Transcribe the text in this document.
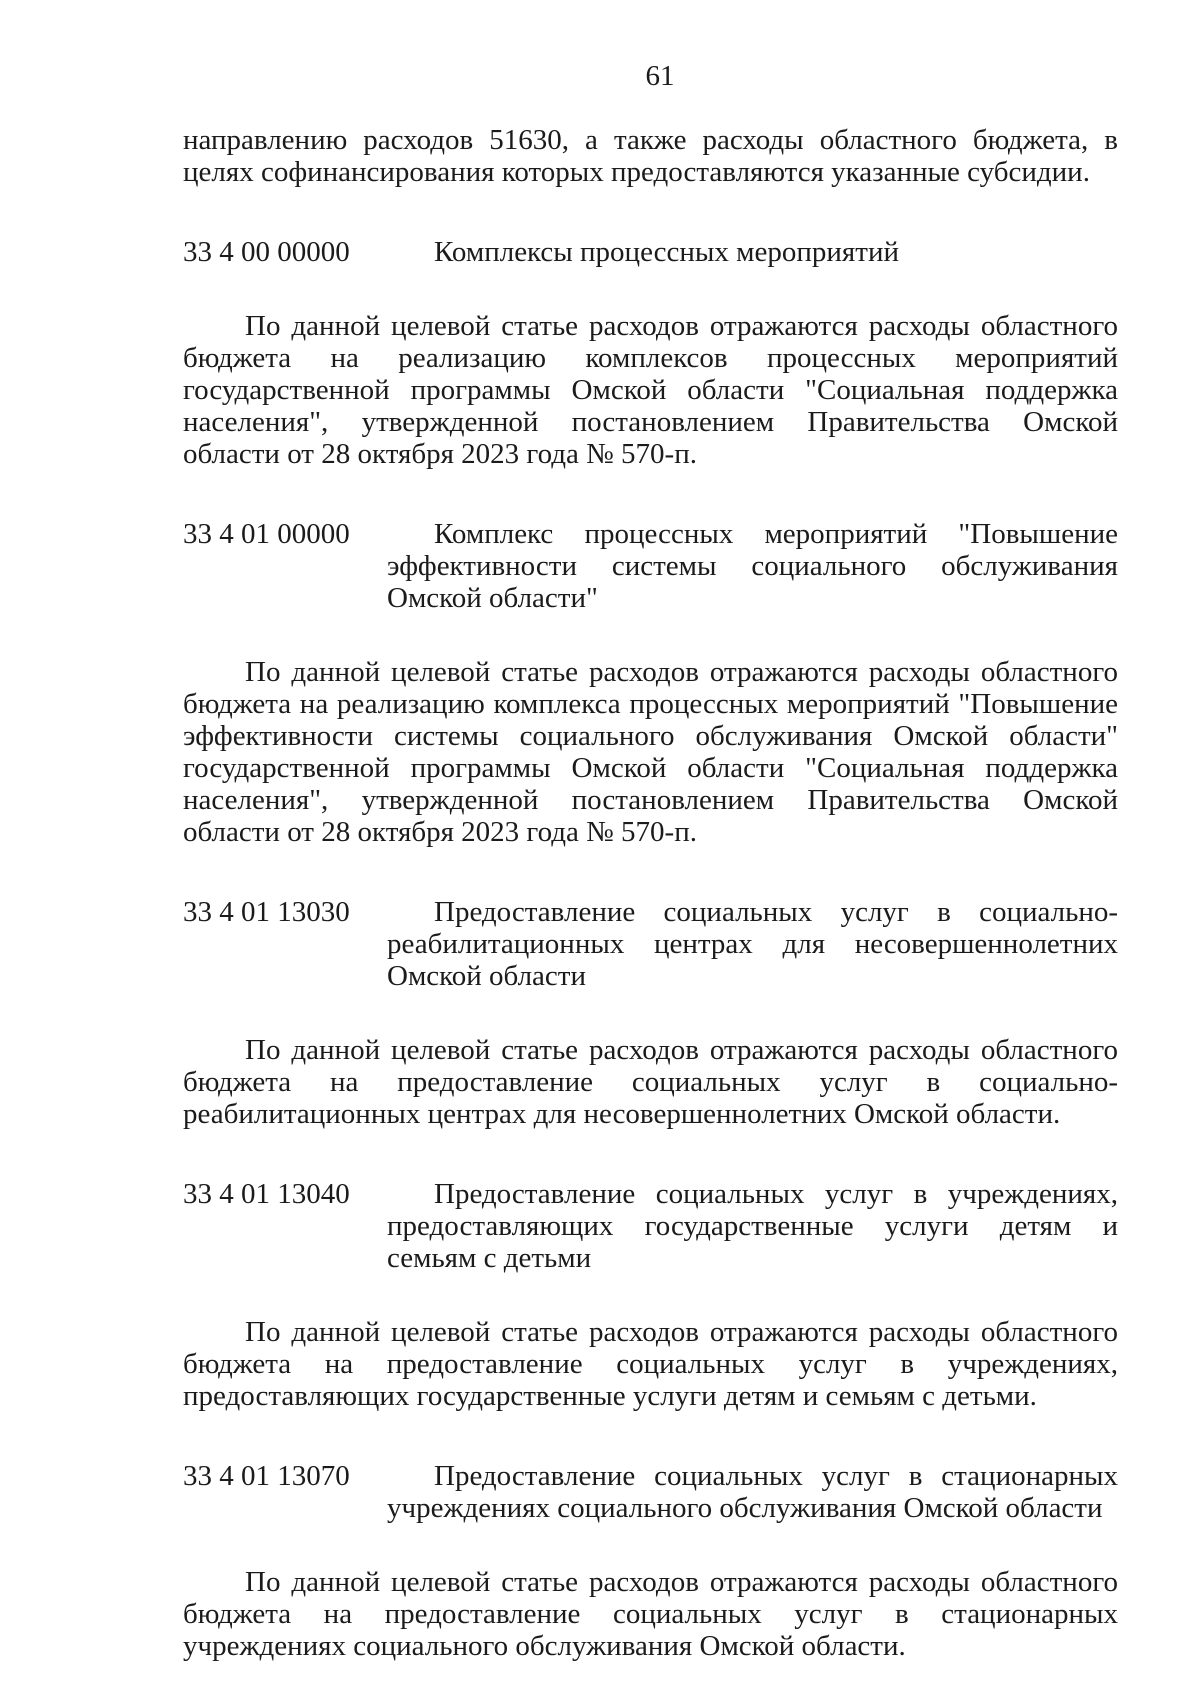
61

направлению расходов 51630, а также расходы областного бюджета, в целях софинансирования которых предоставляются указанные субсидии.

33 4 00 00000	Комплексы процессных мероприятий

По данной целевой статье расходов отражаются расходы областного бюджета на реализацию комплексов процессных мероприятий государственной программы Омской области "Социальная поддержка населения", утвержденной постановлением Правительства Омской области от 28 октября 2023 года № 570-п.

33 4 01 00000	Комплекс процессных мероприятий "Повышение эффективности системы социального обслуживания Омской области"

По данной целевой статье расходов отражаются расходы областного бюджета на реализацию комплекса процессных мероприятий "Повышение эффективности системы социального обслуживания Омской области" государственной программы Омской области "Социальная поддержка населения", утвержденной постановлением Правительства Омской области от 28 октября 2023 года № 570-п.

33 4 01 13030	Предоставление социальных услуг в социально-реабилитационных центрах для несовершеннолетних Омской области

По данной целевой статье расходов отражаются расходы областного бюджета на предоставление социальных услуг в социально-реабилитационных центрах для несовершеннолетних Омской области.

33 4 01 13040	Предоставление социальных услуг в учреждениях, предоставляющих государственные услуги детям и семьям с детьми

По данной целевой статье расходов отражаются расходы областного бюджета на предоставление социальных услуг в учреждениях, предоставляющих государственные услуги детям и семьям с детьми.

33 4 01 13070	Предоставление социальных услуг в стационарных учреждениях социального обслуживания Омской области

По данной целевой статье расходов отражаются расходы областного бюджета на предоставление социальных услуг в стационарных учреждениях социального обслуживания Омской области.
